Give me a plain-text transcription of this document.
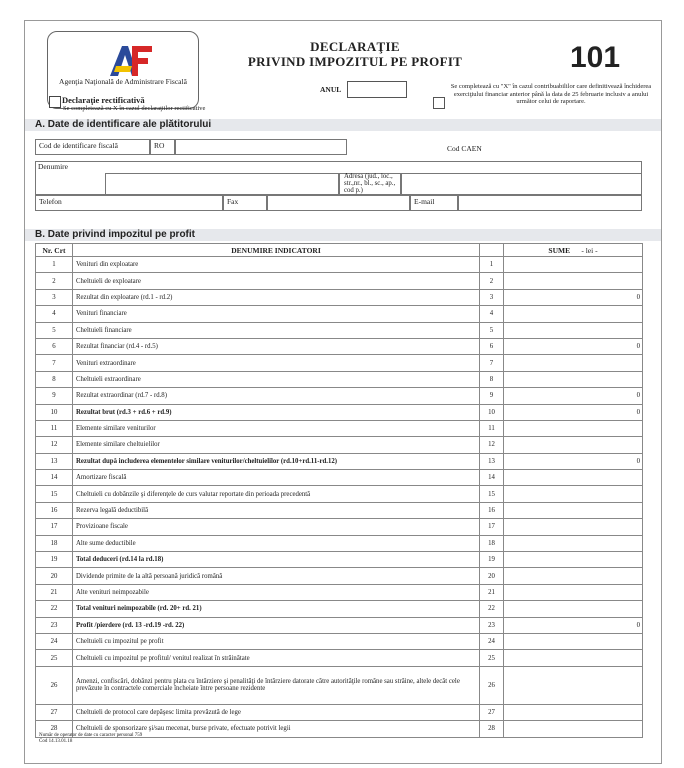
Agenţia Naţională de Administrare Fiscală
Declaraţie rectificativă
Se completează cu X în cazul declaraţiilor rectificative
DECLARAŢIE
PRIVIND IMPOZITUL PE PROFIT	101
ANUL	Se completează cu "X" în cazul contribuabililor care definitivează închiderea exerciţiului financiar anterior până la data de 25 februarie inclusiv a anului următor celui de raportare.
A. Date de identificare ale plătitorului
Cod de identificare fiscală	RO	Cod CAEN
Denumire
Adresa (jud., loc., str.,nr., bl., sc., ap., cod p.)
Telefon	Fax	E-mail
B. Date privind impozitul pe profit
Nr. Crt	DENUMIRE INDICATORI		SUME - lei -
1	Venituri din exploatare	1	
2	Cheltuieli de exploatare	2	
3	Rezultat din exploatare (rd.1 - rd.2)	3	0
4	Venituri financiare	4	
5	Cheltuieli financiare	5	
6	Rezultat financiar (rd.4 - rd.5)	6	0
7	Venituri extraordinare	7	
8	Cheltuieli extraordinare	8	
9	Rezultat extraordinar (rd.7 - rd.8)	9	0
10	Rezultat brut (rd.3 + rd.6 + rd.9)	10	0
11	Elemente similare veniturilor	11	
12	Elemente similare cheltuielilor	12	
13	Rezultat după includerea elementelor similare veniturilor/cheltuielilor (rd.10+rd.11-rd.12)	13	0
14	Amortizare fiscală	14	
15	Cheltuieli cu dobânzile şi diferenţele de curs valutar reportate din perioada precedentă	15	
16	Rezerva legală deductibilă	16	
17	Provizioane fiscale	17	
18	Alte sume deductibile	18	
19	Total deduceri (rd.14 la rd.18)	19	
20	Dividende primite de la altă persoană juridică română	20	
21	Alte venituri neimpozabile	21	
22	Total venituri neimpozabile (rd. 20+ rd. 21)	22	
23	Profit /pierdere (rd. 13 -rd.19 -rd. 22)	23	0
24	Cheltuieli cu impozitul pe profit	24	
25	Cheltuieli cu impozitul pe profitul/ venitul realizat în străinătate	25	
26	Amenzi, confiscări, dobânzi pentru plata cu întârziere şi penalităţi de întârziere datorate către autorităţile române sau străine, altele decât cele prevăzute în contractele comerciale încheiate între persoane rezidente	26	
27	Cheltuieli de protocol care depăşesc limita prevăzută de lege	27	
28	Cheltuieli de sponsorizare şi/sau mecenat, burse private, efectuate potrivit legii	28	
Număr de operator de date cu caracter personal 759
Cod 14.13.01.18
